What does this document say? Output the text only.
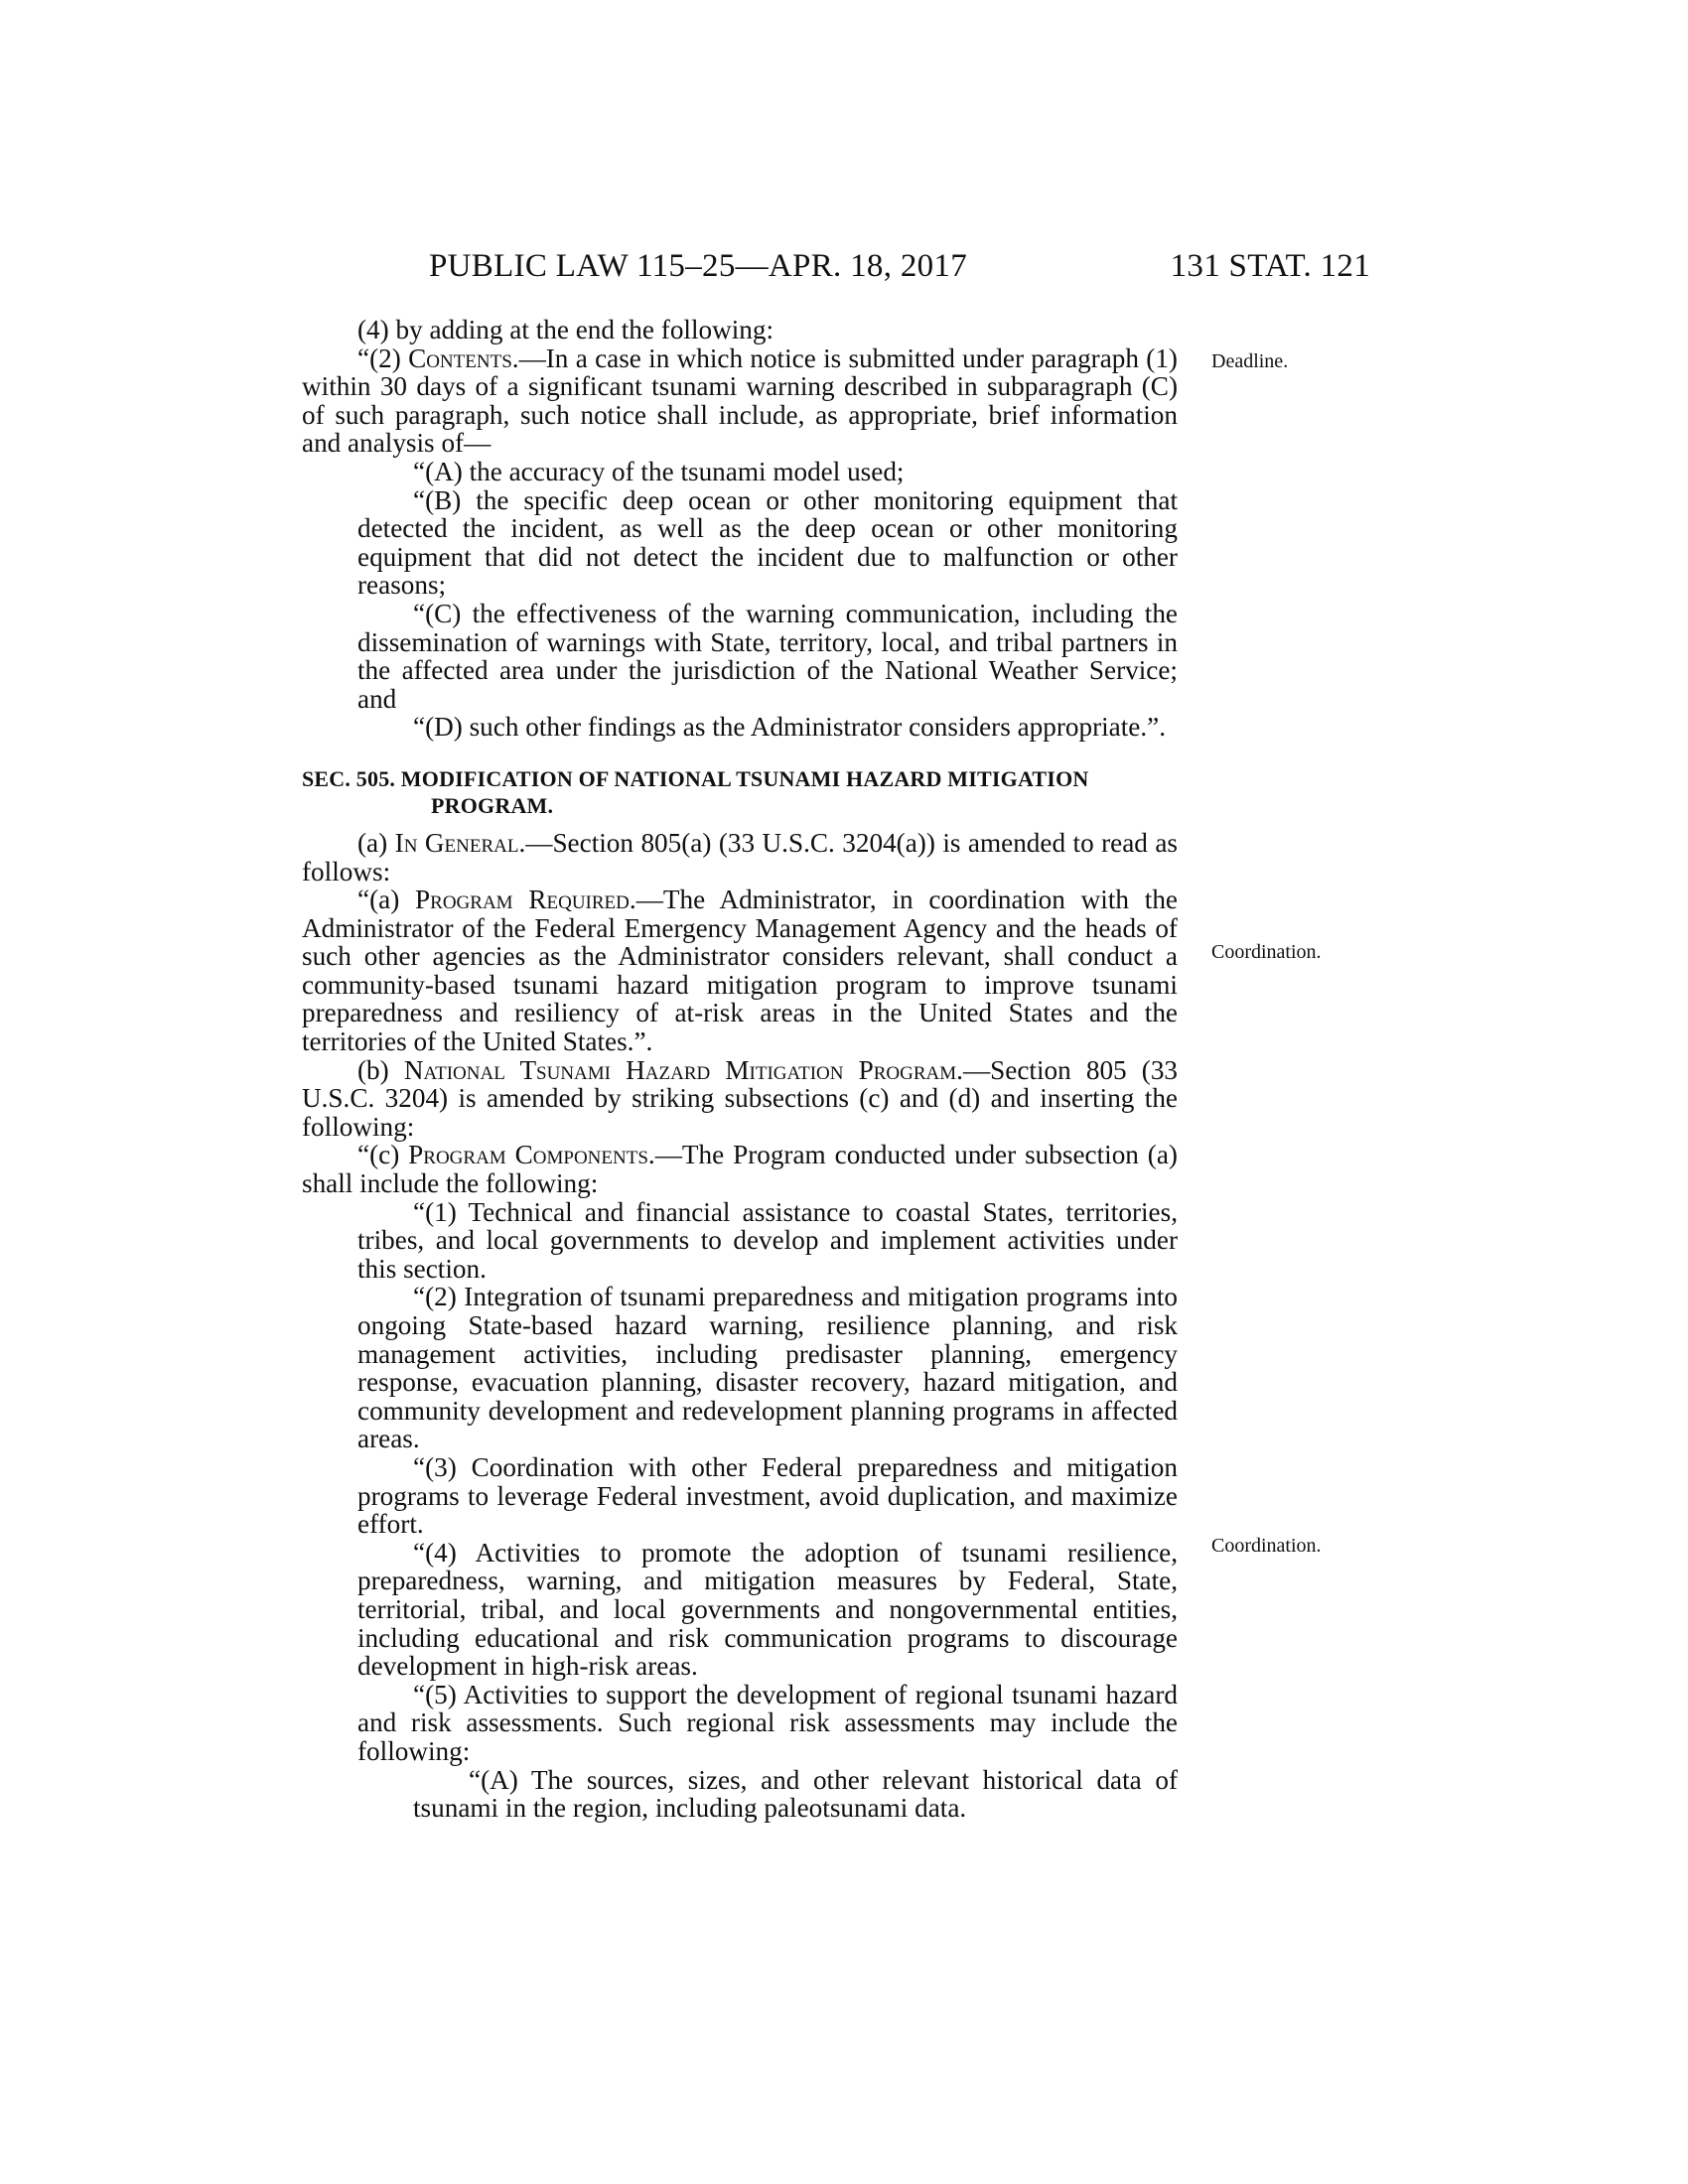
PUBLIC LAW 115–25—APR. 18, 2017	131 STAT. 121
Deadline.
Coordination.
Coordination.

(4) by adding at the end the following:

“(2) Contents.—In a case in which notice is submitted under paragraph (1) within 30 days of a significant tsunami warning described in subparagraph (C) of such paragraph, such notice shall include, as appropriate, brief information and analysis of—

“(A) the accuracy of the tsunami model used;

“(B) the specific deep ocean or other monitoring equipment that detected the incident, as well as the deep ocean or other monitoring equipment that did not detect the incident due to malfunction or other reasons;

“(C) the effectiveness of the warning communication, including the dissemination of warnings with State, territory, local, and tribal partners in the affected area under the jurisdiction of the National Weather Service; and

“(D) such other findings as the Administrator considers appropriate.”.

SEC. 505. MODIFICATION OF NATIONAL TSUNAMI HAZARD MITIGATION PROGRAM.

(a) In General.—Section 805(a) (33 U.S.C. 3204(a)) is amended to read as follows:

“(a) Program Required.—The Administrator, in coordination with the Administrator of the Federal Emergency Management Agency and the heads of such other agencies as the Administrator considers relevant, shall conduct a community-based tsunami hazard mitigation program to improve tsunami preparedness and resiliency of at-risk areas in the United States and the territories of the United States.”.

(b) National Tsunami Hazard Mitigation Program.—Section 805 (33 U.S.C. 3204) is amended by striking subsections (c) and (d) and inserting the following:

“(c) Program Components.—The Program conducted under subsection (a) shall include the following:

“(1) Technical and financial assistance to coastal States, territories, tribes, and local governments to develop and implement activities under this section.

“(2) Integration of tsunami preparedness and mitigation programs into ongoing State-based hazard warning, resilience planning, and risk management activities, including predisaster planning, emergency response, evacuation planning, disaster recovery, hazard mitigation, and community development and redevelopment planning programs in affected areas.

“(3) Coordination with other Federal preparedness and mitigation programs to leverage Federal investment, avoid duplication, and maximize effort.

“(4) Activities to promote the adoption of tsunami resilience, preparedness, warning, and mitigation measures by Federal, State, territorial, tribal, and local governments and nongovernmental entities, including educational and risk communication programs to discourage development in high-risk areas.

“(5) Activities to support the development of regional tsunami hazard and risk assessments. Such regional risk assessments may include the following:

“(A) The sources, sizes, and other relevant historical data of tsunami in the region, including paleotsunami data.
